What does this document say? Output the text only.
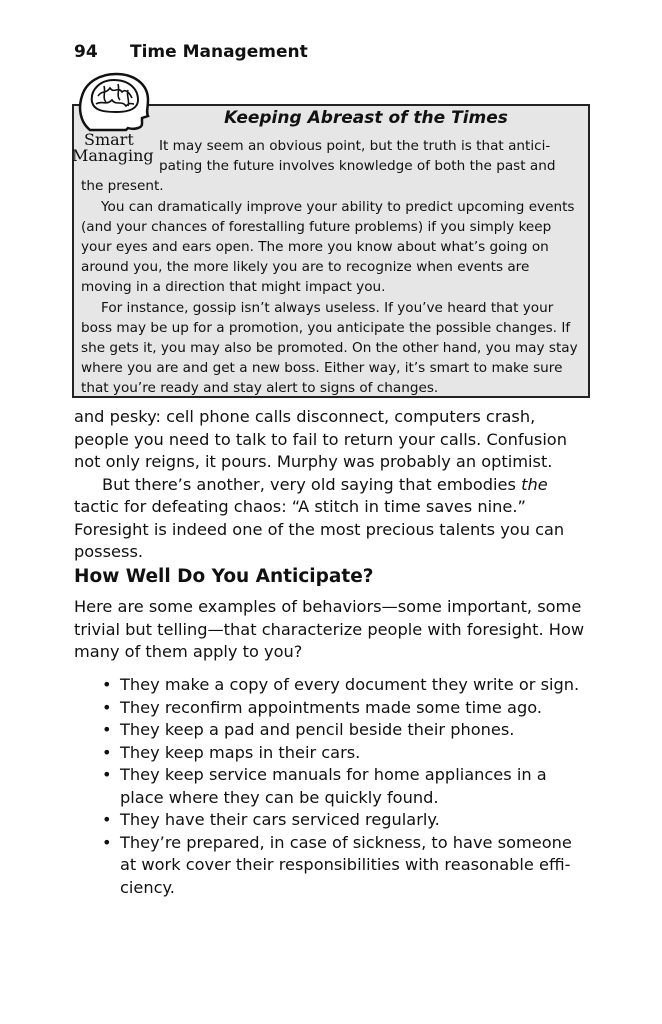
94 Time Management
Keeping Abreast of the Times

It may seem an obvious point, but the truth is that antici-pating the future involves knowledge of both the past and the present.

You can dramatically improve your ability to predict upcoming events (and your chances of forestalling future problems) if you simply keep your eyes and ears open. The more you know about what’s going on around you, the more likely you are to recognize when events are moving in a direction that might impact you.

For instance, gossip isn’t always useless. If you’ve heard that your boss may be up for a promotion, you anticipate the possible changes. If she gets it, you may also be promoted. On the other hand, you may stay where you are and get a new boss. Either way, it’s smart to make sure that you’re ready and stay alert to signs of changes.

Smart
Managing

and pesky: cell phone calls disconnect, computers crash, people you need to talk to fail to return your calls. Confusion not only reigns, it pours. Murphy was probably an optimist.

But there’s another, very old saying that embodies the tactic for defeating chaos: “A stitch in time saves nine.” Foresight is indeed one of the most precious talents you can possess.

How Well Do You Anticipate?

Here are some examples of behaviors—some important, some trivial but telling—that characterize people with foresight. How many of them apply to you?

• They make a copy of every document they write or sign.
• They reconfirm appointments made some time ago.
• They keep a pad and pencil beside their phones.
• They keep maps in their cars.
• They keep service manuals for home appliances in a place where they can be quickly found.
• They have their cars serviced regularly.
• They’re prepared, in case of sickness, to have someone at work cover their responsibilities with reasonable effi-ciency.
